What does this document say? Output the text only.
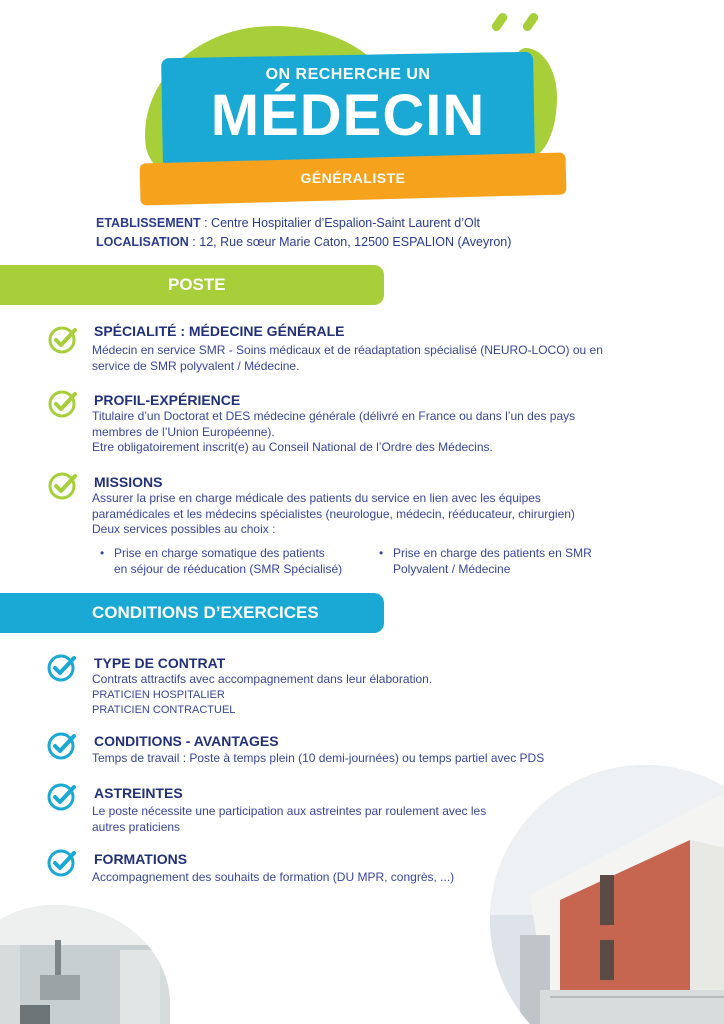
ON RECHERCHE UN
MÉDECIN
GÉNÉRALISTE
ETABLISSEMENT : Centre Hospitalier d’Espalion-Saint Laurent d’Olt
LOCALISATION : 12, Rue sœur Marie Caton, 12500 ESPALION (Aveyron)
POSTE
SPÉCIALITÉ : MÉDECINE GÉNÉRALE
Médecin en service SMR - Soins médicaux et de réadaptation spécialisé (NEURO-LOCO) ou en
service de SMR polyvalent / Médecine.
PROFIL-EXPÉRIENCE
Titulaire d’un Doctorat et DES médecine générale (délivré en France ou dans l’un des pays
membres de l’Union Européenne).
Etre obligatoirement inscrit(e) au Conseil National de l’Ordre des Médecins.
MISSIONS
Assurer la prise en charge médicale des patients du service en lien avec les équipes
paramédicales et les médecins spécialistes (neurologue, médecin, rééducateur, chirurgien)
Deux services possibles au choix :
• Prise en charge somatique des patients
en séjour de rééducation (SMR Spécialisé)
• Prise en charge des patients en SMR
Polyvalent / Médecine
CONDITIONS D’EXERCICES
TYPE DE CONTRAT
Contrats attractifs avec accompagnement dans leur élaboration.
PRATICIEN HOSPITALIER
PRATICIEN CONTRACTUEL
CONDITIONS - AVANTAGES
Temps de travail : Poste à temps plein (10 demi-journées) ou temps partiel avec PDS
ASTREINTES
Le poste nécessite une participation aux astreintes par roulement avec les
autres praticiens
FORMATIONS
Accompagnement des souhaits de formation (DU MPR, congrès, ...)
